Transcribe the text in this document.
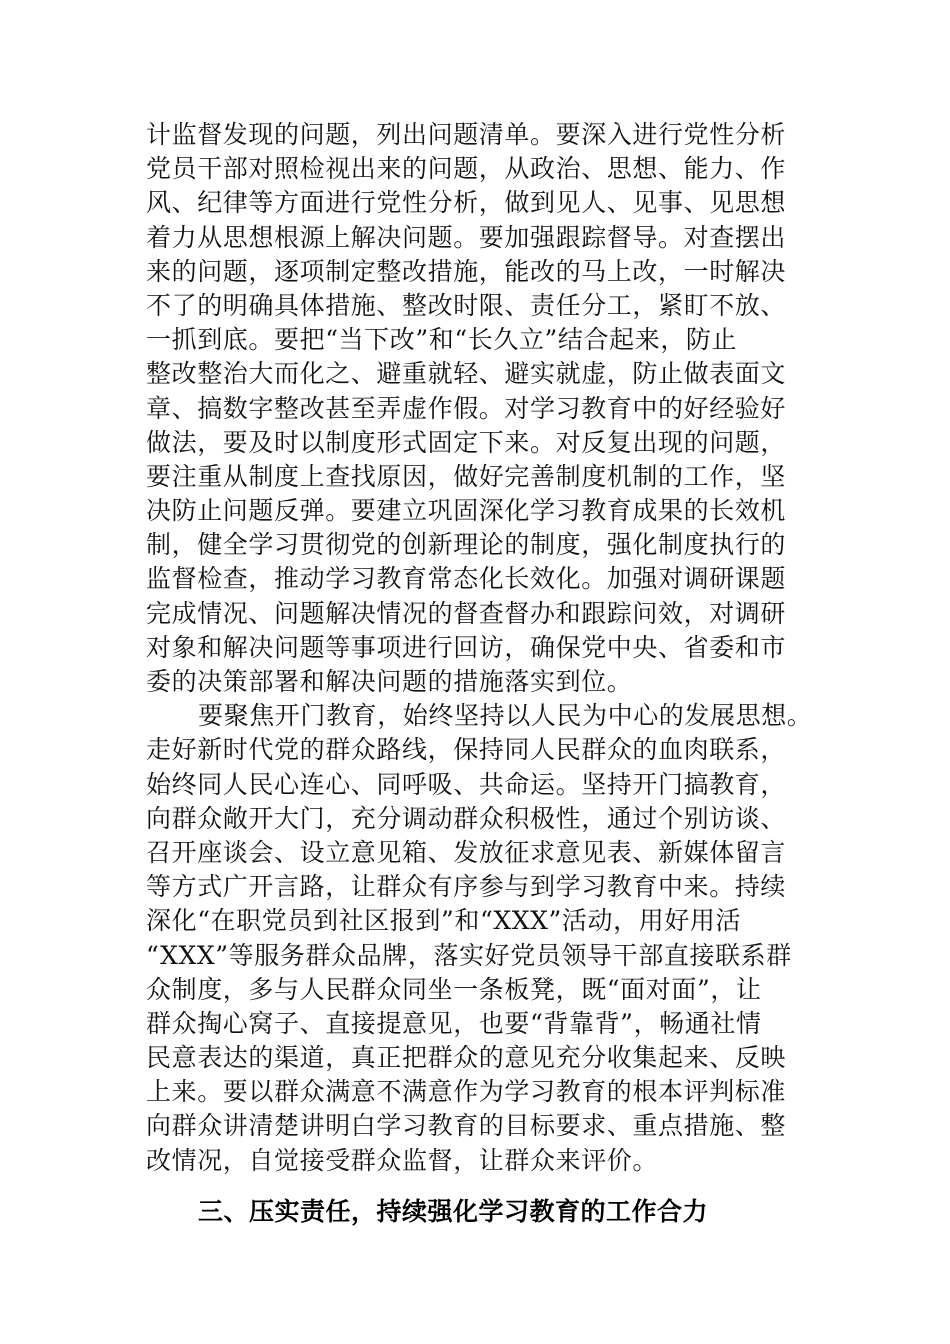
计监督发现的问题，列出问题清单。要深入进行党性分析
党员干部对照检视出来的问题，从政治、思想、能力、作
风、纪律等方面进行党性分析，做到见人、见事、见思想
着力从思想根源上解决问题。要加强跟踪督导。对查摆出
来的问题，逐项制定整改措施，能改的马上改，一时解决
不了的明确具体措施、整改时限、责任分工，紧盯不放、
一抓到底。要把“当下改”和“长久立”结合起来，防止
整改整治大而化之、避重就轻、避实就虚，防止做表面文
章、搞数字整改甚至弄虚作假。对学习教育中的好经验好
做法，要及时以制度形式固定下来。对反复出现的问题，
要注重从制度上查找原因，做好完善制度机制的工作，坚
决防止问题反弹。要建立巩固深化学习教育成果的长效机
制，健全学习贯彻党的创新理论的制度，强化制度执行的
监督检查，推动学习教育常态化长效化。加强对调研课题
完成情况、问题解决情况的督查督办和跟踪问效，对调研
对象和解决问题等事项进行回访，确保党中央、省委和市
委的决策部署和解决问题的措施落实到位。
要聚焦开门教育，始终坚持以人民为中心的发展思想。
走好新时代党的群众路线，保持同人民群众的血肉联系，
始终同人民心连心、同呼吸、共命运。坚持开门搞教育，
向群众敞开大门，充分调动群众积极性，通过个别访谈、
召开座谈会、设立意见箱、发放征求意见表、新媒体留言
等方式广开言路，让群众有序参与到学习教育中来。持续
深化“在职党员到社区报到”和“XXX”活动，用好用活
“XXX”等服务群众品牌，落实好党员领导干部直接联系群
众制度，多与人民群众同坐一条板凳，既“面对面”，让
群众掏心窝子、直接提意见，也要“背靠背”，畅通社情
民意表达的渠道，真正把群众的意见充分收集起来、反映
上来。要以群众满意不满意作为学习教育的根本评判标准
向群众讲清楚讲明白学习教育的目标要求、重点措施、整
改情况，自觉接受群众监督，让群众来评价。
三、压实责任，持续强化学习教育的工作合力
